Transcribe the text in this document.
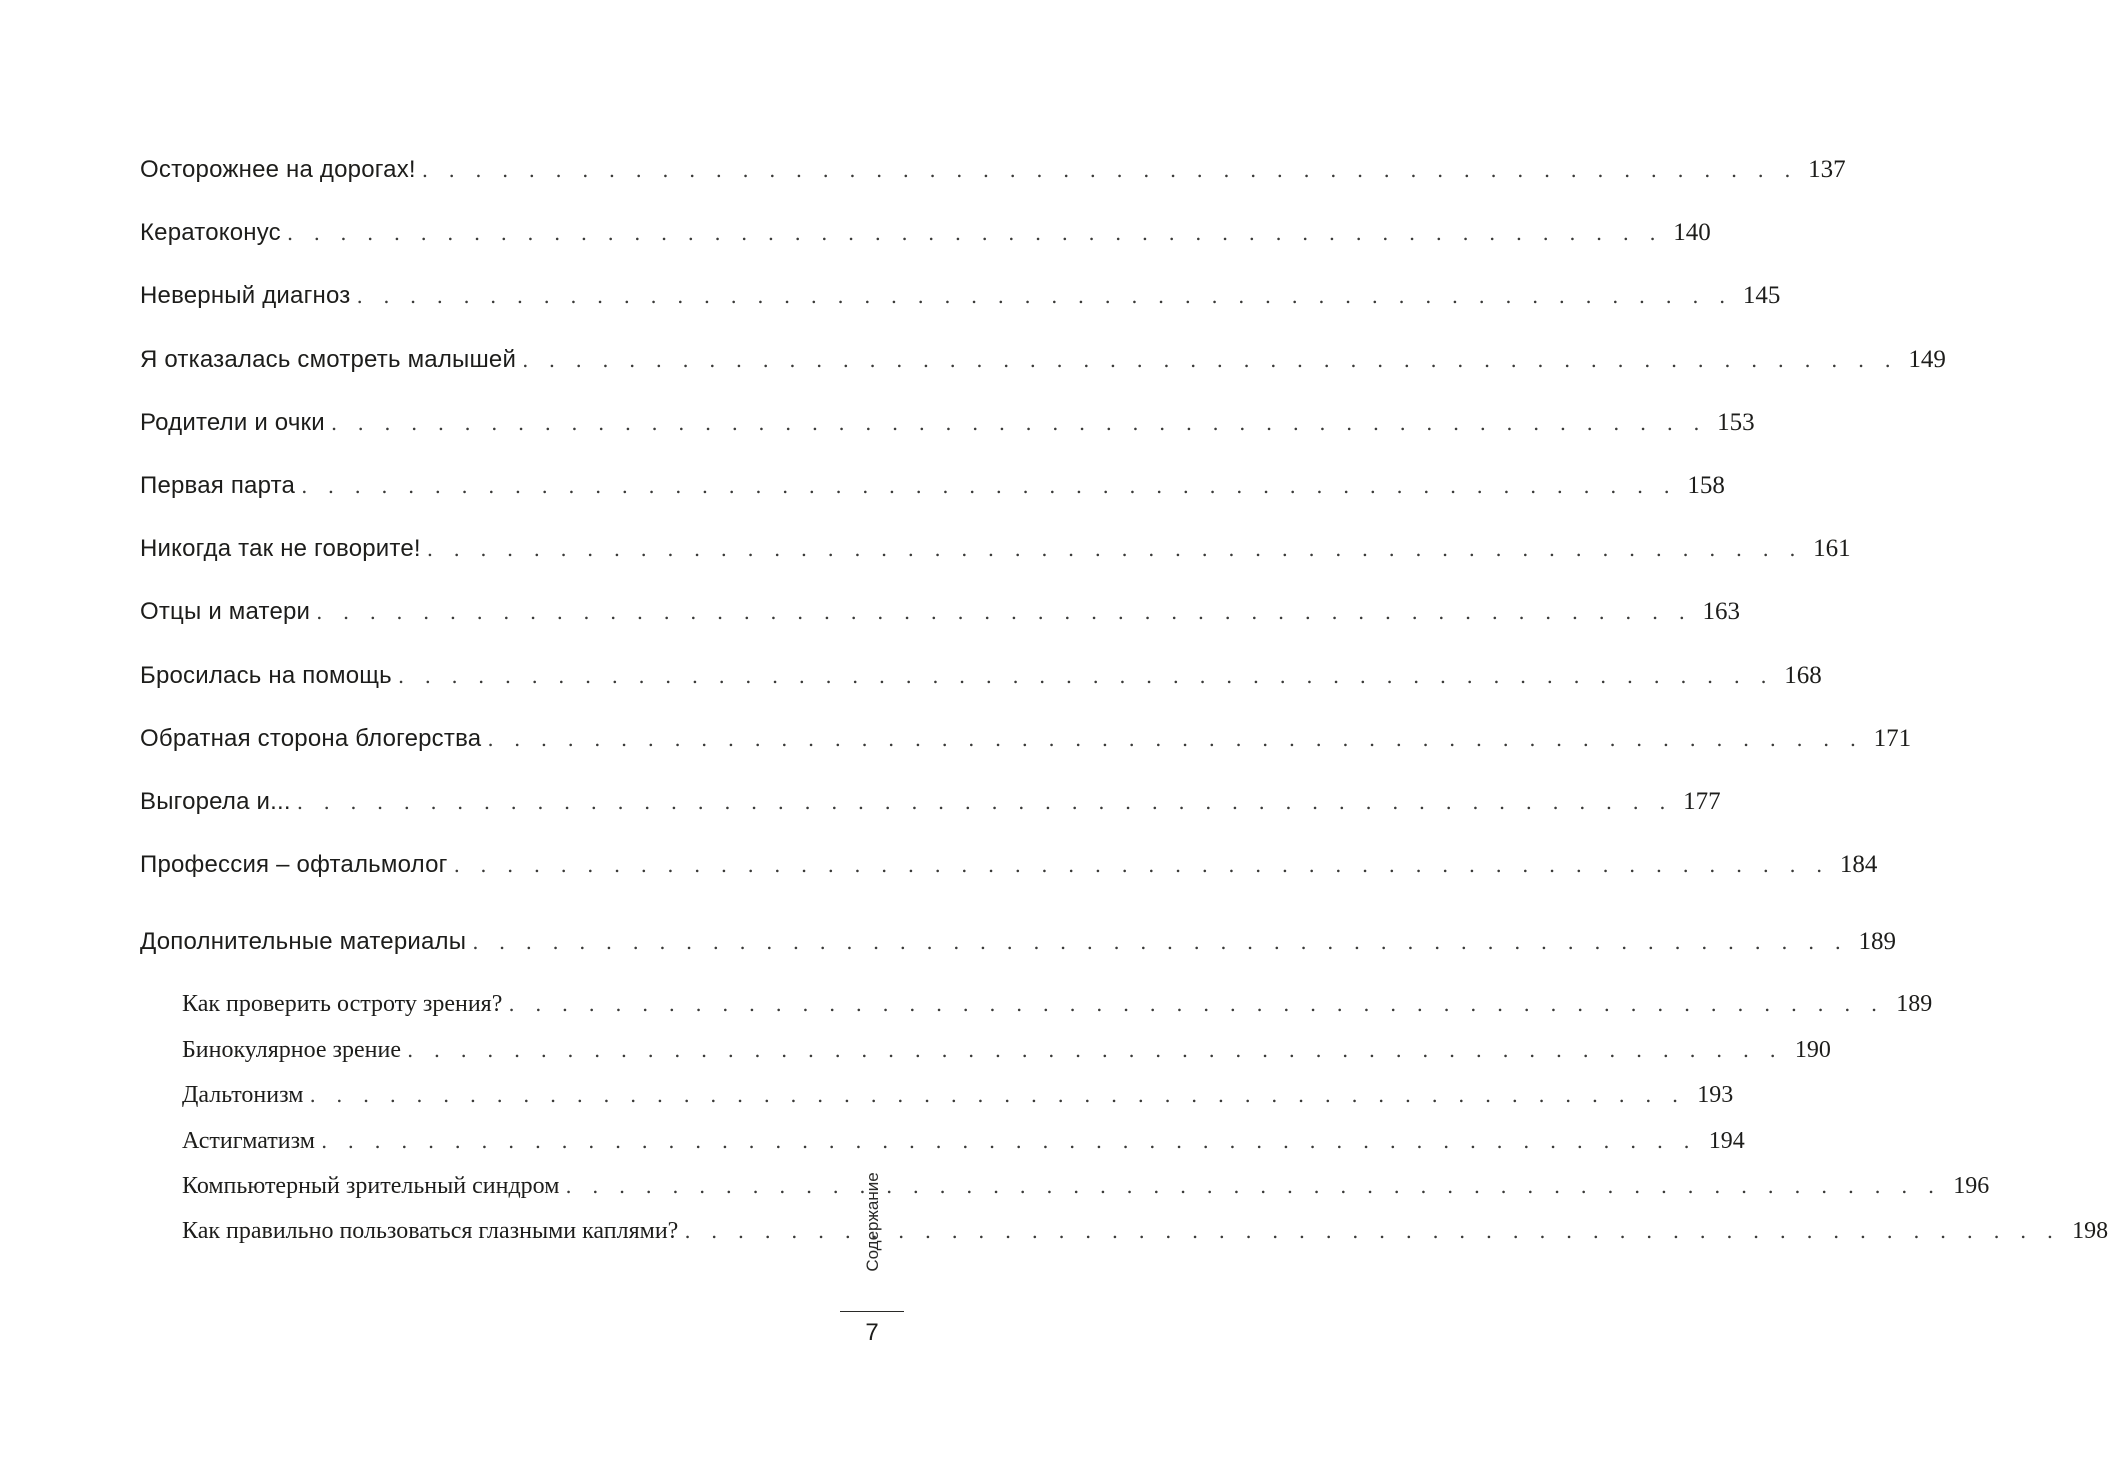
Осторожнее на дорогах! . . . . . . . . . . . . . . . . . . . . . . . . . . . . . . . . . . . . . . . . . . . . . . . . . . . . 137
Кератоконус . . . . . . . . . . . . . . . . . . . . . . . . . . . . . . . . . . . . . . . . . . . . . . . . . . . . 140
Неверный диагноз . . . . . . . . . . . . . . . . . . . . . . . . . . . . . . . . . . . . . . . . . . . . . . . . . . . . 145
Я отказалась смотреть малышей . . . . . . . . . . . . . . . . . . . . . . . . . . . . . . . . . . . . . . . . . . . . . . . . . . . . 149
Родители и очки . . . . . . . . . . . . . . . . . . . . . . . . . . . . . . . . . . . . . . . . . . . . . . . . . . . . 153
Первая парта . . . . . . . . . . . . . . . . . . . . . . . . . . . . . . . . . . . . . . . . . . . . . . . . . . . . 158
Никогда так не говорите! . . . . . . . . . . . . . . . . . . . . . . . . . . . . . . . . . . . . . . . . . . . . . . . . . . . . 161
Отцы и матери . . . . . . . . . . . . . . . . . . . . . . . . . . . . . . . . . . . . . . . . . . . . . . . . . . . . 163
Бросилась на помощь . . . . . . . . . . . . . . . . . . . . . . . . . . . . . . . . . . . . . . . . . . . . . . . . . . . . 168
Обратная сторона блогерства . . . . . . . . . . . . . . . . . . . . . . . . . . . . . . . . . . . . . . . . . . . . . . . . . . . . 171
Выгорела и... . . . . . . . . . . . . . . . . . . . . . . . . . . . . . . . . . . . . . . . . . . . . . . . . . . . . 177
Профессия – офтальмолог . . . . . . . . . . . . . . . . . . . . . . . . . . . . . . . . . . . . . . . . . . . . . . . . . . . . 184
Дополнительные материалы . . . . . . . . . . . . . . . . . . . . . . . . . . . . . . . . . . . . . . . . . . . . . . . . . . . . 189
Как проверить остроту зрения? . . . . . . . . . . . . . . . . . . . . . . . . . . . . . . . . . . . . . . . . . . . . . . . . . . . . 189
Бинокулярное зрение . . . . . . . . . . . . . . . . . . . . . . . . . . . . . . . . . . . . . . . . . . . . . . . . . . . . 190
Дальтонизм . . . . . . . . . . . . . . . . . . . . . . . . . . . . . . . . . . . . . . . . . . . . . . . . . . . . 193
Астигматизм . . . . . . . . . . . . . . . . . . . . . . . . . . . . . . . . . . . . . . . . . . . . . . . . . . . . 194
Компьютерный зрительный синдром . . . . . . . . . . . . . . . . . . . . . . . . . . . . . . . . . . . . . . . . . . . . . . . . . . . . 196
Как правильно пользоваться глазными каплями? . . . . . . . . . . . . . . . . . . . . . . . . . . . . . . . . . . . . . . . . . . . . . . . . . . . . 198
Содержание
7
